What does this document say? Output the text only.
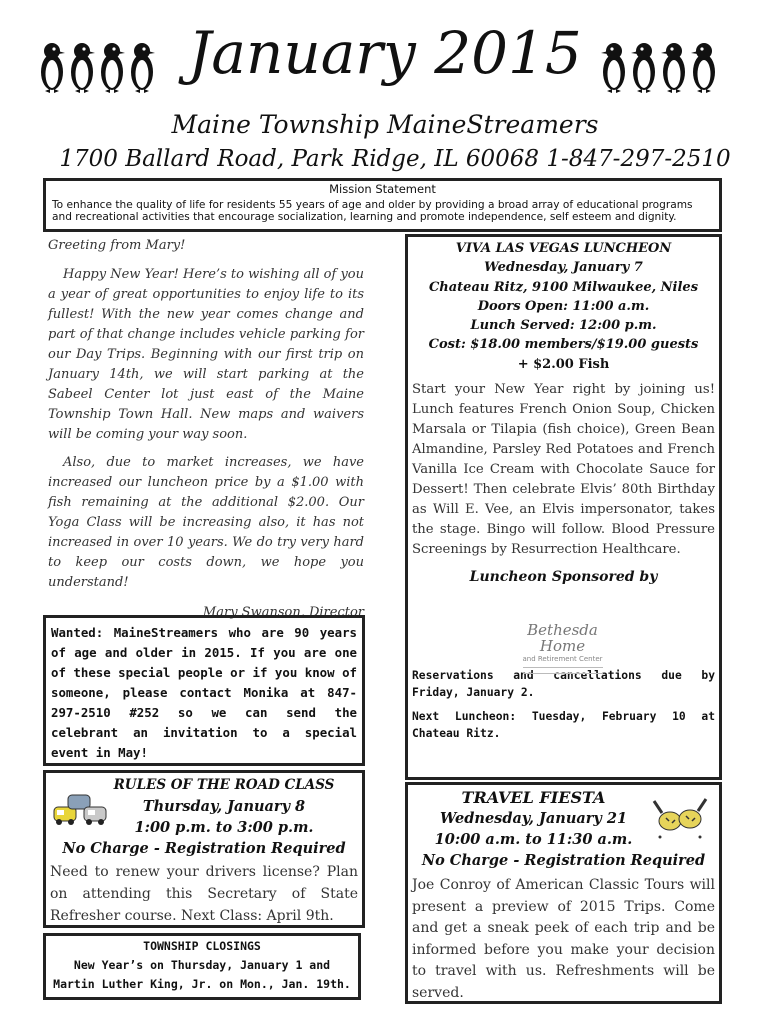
January 2015
Maine Township MaineStreamers
1700 Ballard Road, Park Ridge, IL 60068 1-847-297-2510
Mission Statement
To enhance the quality of life for residents 55 years of age and older by providing a broad array of educational programs and recreational activities that encourage socialization, learning and promote independence, self esteem and dignity.

Greeting from Mary!

Happy New Year! Here’s to wishing all of you a year of great opportunities to enjoy life to its fullest! With the new year comes change and part of that change includes vehicle parking for our Day Trips. Beginning with our first trip on January 14th, we will start parking at the Sabeel Center lot just east of the Maine Township Town Hall. New maps and waivers will be coming your way soon.

Also, due to market increases, we have increased our luncheon price by a $1.00 with fish remaining at the additional $2.00. Our Yoga Class will be increasing also, it has not increased in over 10 years. We do try very hard to keep our costs down, we hope you understand!

Mary Swanson, Director

Wanted: MaineStreamers who are 90 years of age and older in 2015. If you are one of these special people or if you know of someone, please contact Monika at 847-297-2510 #252 so we can send the celebrant an invitation to a special event in May!
RULES OF THE ROAD CLASS
Thursday, January 8
1:00 p.m. to 3:00 p.m.
No Charge - Registration Required
Need to renew your drivers license? Plan on attending this Secretary of State Refresher course. Next Class: April 9th.
TOWNSHIP CLOSINGS
New Year’s on Thursday, January 1 and
Martin Luther King, Jr. on Mon., Jan. 19th.
VIVA LAS VEGAS LUNCHEON
Wednesday, January 7
Chateau Ritz, 9100 Milwaukee, Niles
Doors Open: 11:00 a.m.
Lunch Served: 12:00 p.m.
Cost: $18.00 members/$19.00 guests
+ $2.00 Fish
Start your New Year right by joining us! Lunch features French Onion Soup, Chicken Marsala or Tilapia (fish choice), Green Bean Almandine, Parsley Red Potatoes and French Vanilla Ice Cream with Chocolate Sauce for Dessert! Then celebrate Elvis’ 80th Birthday as Will E. Vee, an Elvis impersonator, takes the stage. Bingo will follow. Blood Pressure Screenings by Resurrection Healthcare.
Luncheon Sponsored by
Reservations and cancellations due by Friday, January 2.
Next Luncheon: Tuesday, February 10 at Chateau Ritz.
Bethesda Home
and Retirement Center
TRAVEL FIESTA
Wednesday, January 21
10:00 a.m. to 11:30 a.m.
No Charge - Registration Required
Joe Conroy of American Classic Tours will present a preview of 2015 Trips. Come and get a sneak peek of each trip and be informed before you make your decision to travel with us. Refreshments will be served.
